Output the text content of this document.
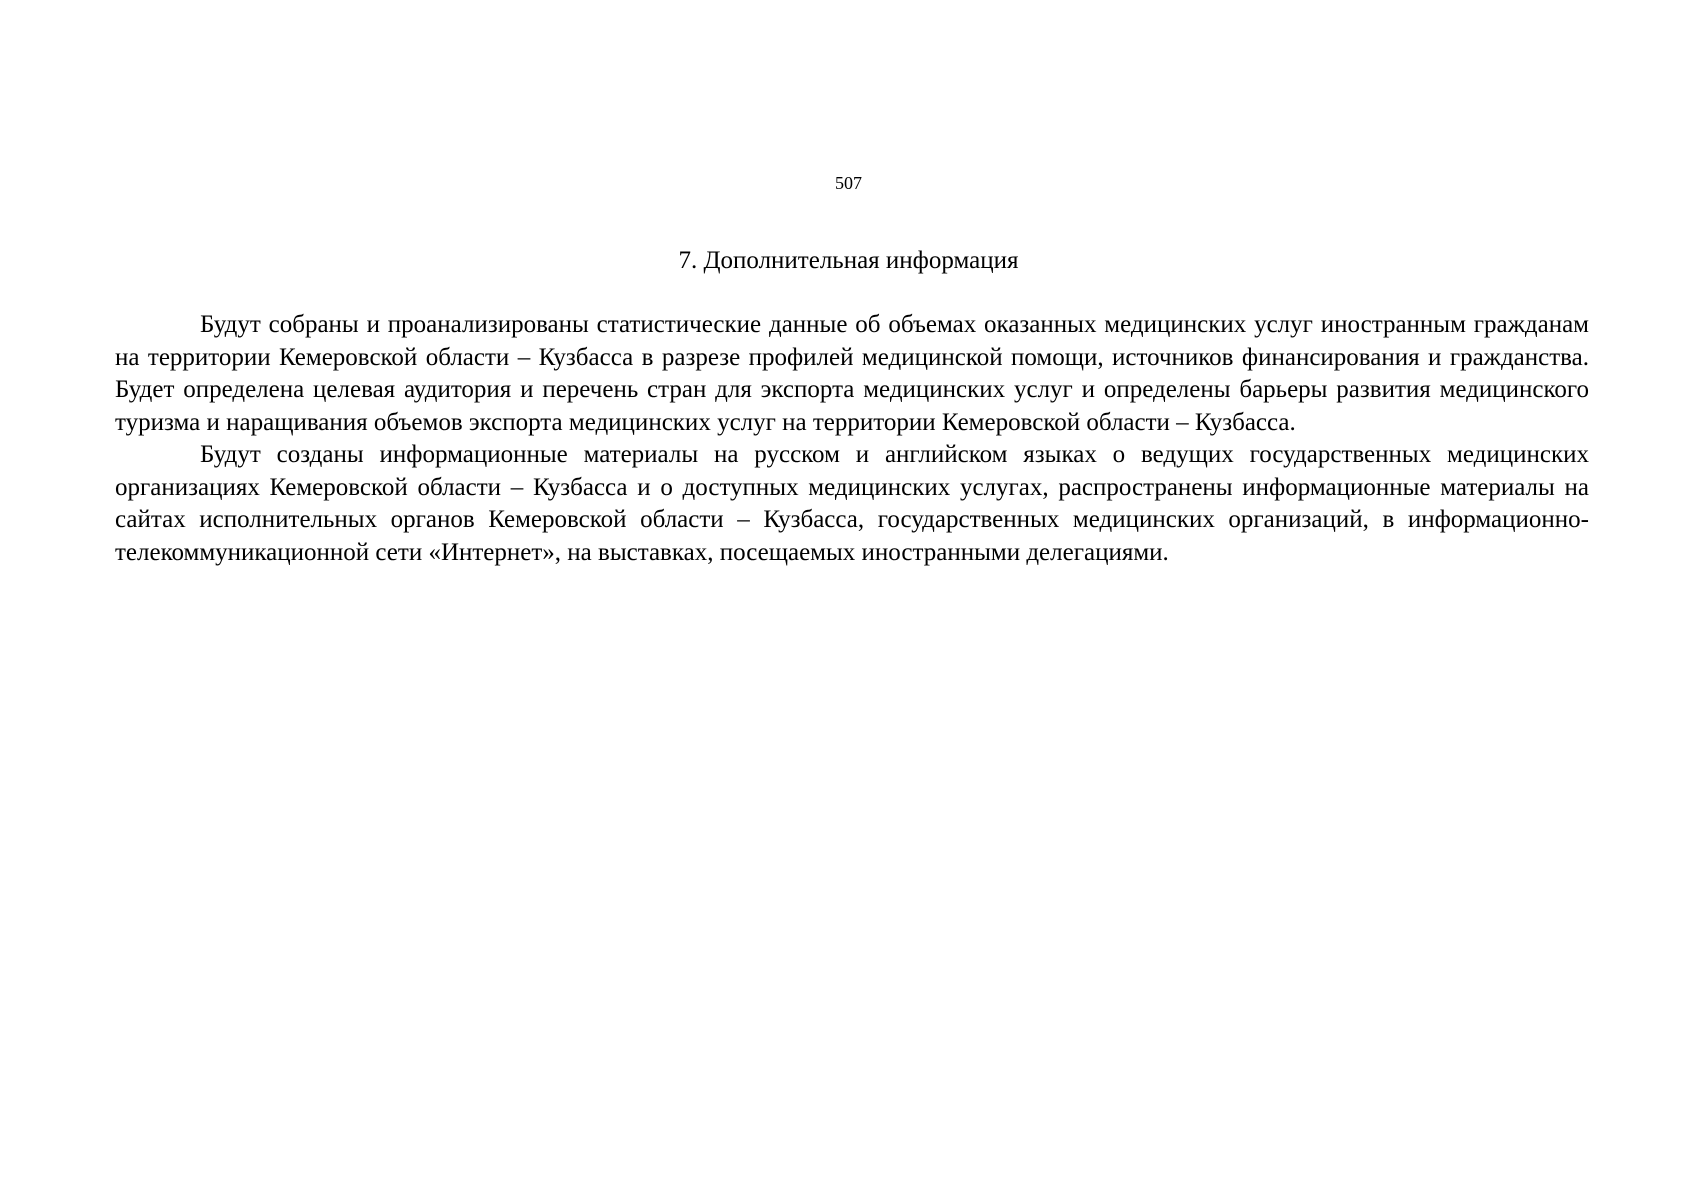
507
7. Дополнительная информация

Будут собраны и проанализированы статистические данные об объемах оказанных медицинских услуг иностранным гражданам на территории Кемеровской области – Кузбасса в разрезе профилей медицинской помощи, источников финансирования и гражданства. Будет определена целевая аудитория и перечень стран для экспорта медицинских услуг и определены барьеры развития медицинского туризма и наращивания объемов экспорта медицинских услуг на территории Кемеровской области – Кузбасса.

Будут созданы информационные материалы на русском и английском языках о ведущих государственных медицинских организациях Кемеровской области – Кузбасса и о доступных медицинских услугах, распространены информационные материалы на сайтах исполнительных органов Кемеровской области – Кузбасса, государственных медицинских организаций, в информационно-телекоммуникационной сети «Интернет», на выставках, посещаемых иностранными делегациями.
